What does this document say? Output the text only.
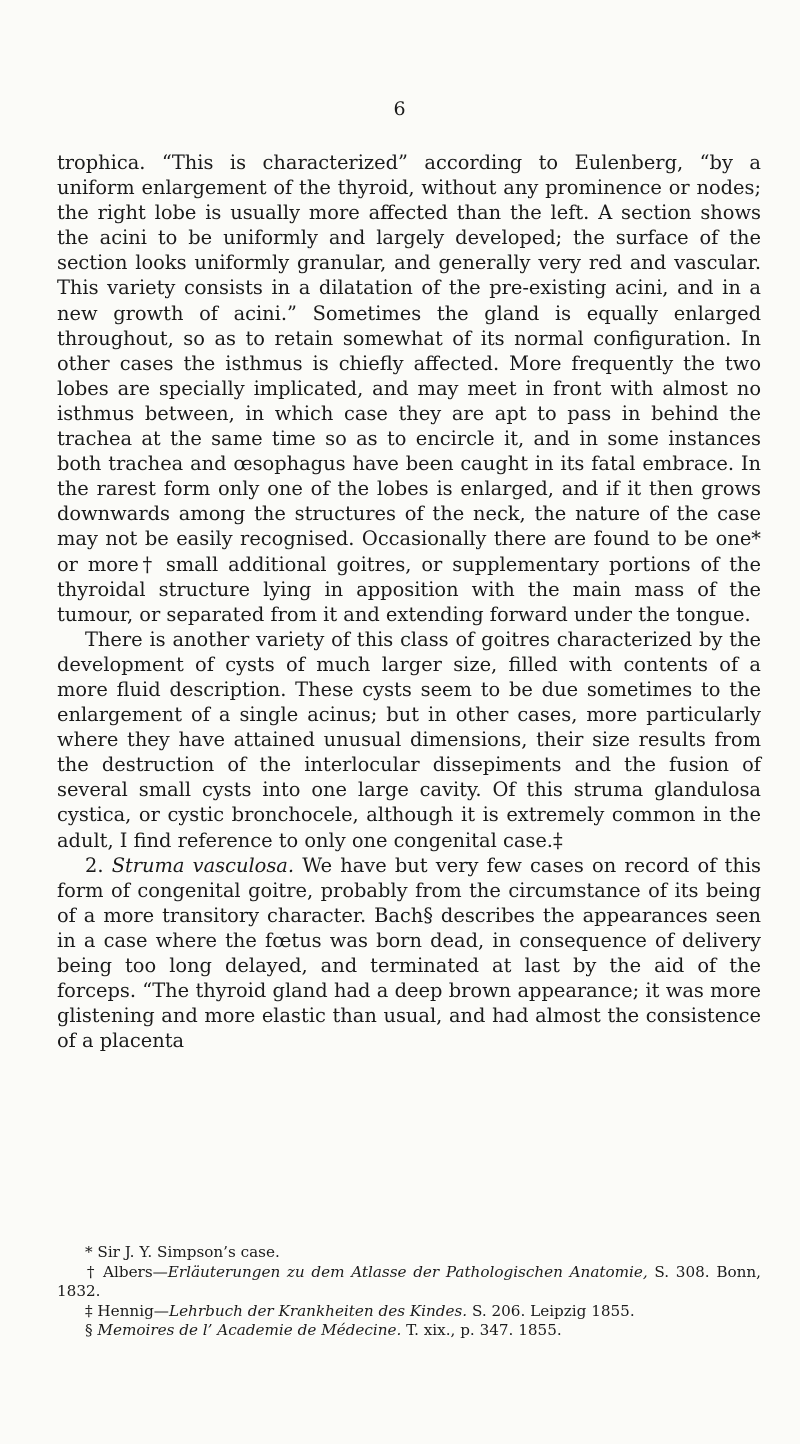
6

trophica. “This is characterized” according to Eulenberg, “by a uniform enlargement of the thyroid, without any prominence or nodes; the right lobe is usually more affected than the left. A section shows the acini to be uniformly and largely developed; the surface of the section looks uniformly granular, and generally very red and vascular. This variety consists in a dilatation of the pre-existing acini, and in a new growth of acini.” Sometimes the gland is equally enlarged throughout, so as to retain somewhat of its normal configuration. In other cases the isthmus is chiefly affected. More frequently the two lobes are specially implicated, and may meet in front with almost no isthmus between, in which case they are apt to pass in behind the trachea at the same time so as to encircle it, and in some instances both trachea and œsophagus have been caught in its fatal embrace. In the rarest form only one of the lobes is enlarged, and if it then grows downwards among the structures of the neck, the nature of the case may not be easily recognised. Occasionally there are found to be one* or more† small additional goitres, or supplementary portions of the thyroidal structure lying in apposition with the main mass of the tumour, or separated from it and extending forward under the tongue.

There is another variety of this class of goitres characterized by the development of cysts of much larger size, filled with contents of a more fluid description. These cysts seem to be due sometimes to the enlargement of a single acinus; but in other cases, more particularly where they have attained unusual dimensions, their size results from the destruction of the interlocular dissepiments and the fusion of several small cysts into one large cavity. Of this struma glandulosa cystica, or cystic bronchocele, although it is extremely common in the adult, I find reference to only one congenital case.‡

2. Struma vasculosa. We have but very few cases on record of this form of congenital goitre, probably from the circumstance of its being of a more transitory character. Bach§ describes the appearances seen in a case where the fœtus was born dead, in consequence of delivery being too long delayed, and terminated at last by the aid of the forceps. “The thyroid gland had a deep brown appearance; it was more glistening and more elastic than usual, and had almost the consistence of a placenta

* Sir J. Y. Simpson’s case.

† Albers—Erläuterungen zu dem Atlasse der Pathologischen Anatomie, S. 308. Bonn, 1832.

‡ Hennig—Lehrbuch der Krankheiten des Kindes. S. 206. Leipzig 1855.

§ Memoires de l’ Academie de Médecine. T. xix., p. 347. 1855.
